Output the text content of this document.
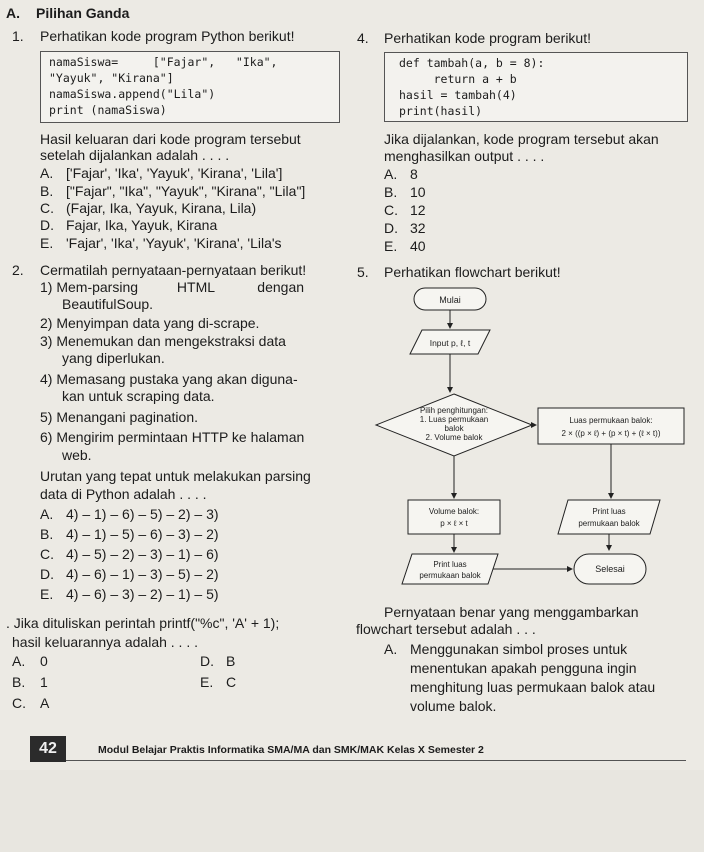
A. Pilihan Ganda
1. Perhatikan kode program Python berikut!
namaSiswa=     ["Fajar",   "Ika",
"Yayuk", "Kirana"]
namaSiswa.append("Lila")
print (namaSiswa)
Hasil keluaran dari kode program tersebut
setelah dijalankan adalah . . . .
A. ['Fajar', 'Ika', 'Yayuk', 'Kirana', 'Lila']
B. ["Fajar", "Ika", "Yayuk", "Kirana", "Lila"]
C. (Fajar, Ika, Yayuk, Kirana, Lila)
D. Fajar, Ika, Yayuk, Kirana
E. 'Fajar', 'Ika', 'Yayuk', 'Kirana', 'Lila's
2. Cermatilah pernyataan-pernyataan berikut!
1) Mem-parsing          HTML           dengan
BeautifulSoup.
2) Menyimpan data yang di-scrape.
3) Menemukan dan mengekstraksi data
yang diperlukan.
4) Memasang pustaka yang akan diguna-
kan untuk scraping data.
5) Menangani pagination.
6) Mengirim permintaan HTTP ke halaman
web.
Urutan yang tepat untuk melakukan parsing
data di Python adalah . . . .
A. 4) – 1) – 6) – 5) – 2) – 3)
B. 4) – 1) – 5) – 6) – 3) – 2)
C. 4) – 5) – 2) – 3) – 1) – 6)
D. 4) – 6) – 1) – 3) – 5) – 2)
E. 4) – 6) – 3) – 2) – 1) – 5)
. Jika dituliskan perintah printf("%c", 'A' + 1);
hasil keluarannya adalah . . . .
A. 0
B. 1
C. A
D. B
E. C
4. Perhatikan kode program berikut!
def tambah(a, b = 8):
return a + b
hasil = tambah(4)
print(hasil)
Jika dijalankan, kode program tersebut akan
menghasilkan output . . . .
A. 8
B. 10
C. 12
D. 32
E. 40
5. Perhatikan flowchart berikut!
Mulai
Input p, ℓ, t
Pilih penghitungan:
1. Luas permukaan
balok
2. Volume balok
Luas permukaan balok:
2 × ((p × ℓ) + (p × t) + (ℓ × t))
Volume balok:
p × ℓ × t
Print luas
permukaan balok
Print luas
permukaan balok
Selesai
Pernyataan benar yang menggambarkan
flowchart tersebut adalah . . .
A. Menggunakan simbol proses untuk
menentukan apakah pengguna ingin
menghitung luas permukaan balok atau
volume balok.
42	Modul Belajar Praktis Informatika SMA/MA dan SMK/MAK Kelas X Semester 2
